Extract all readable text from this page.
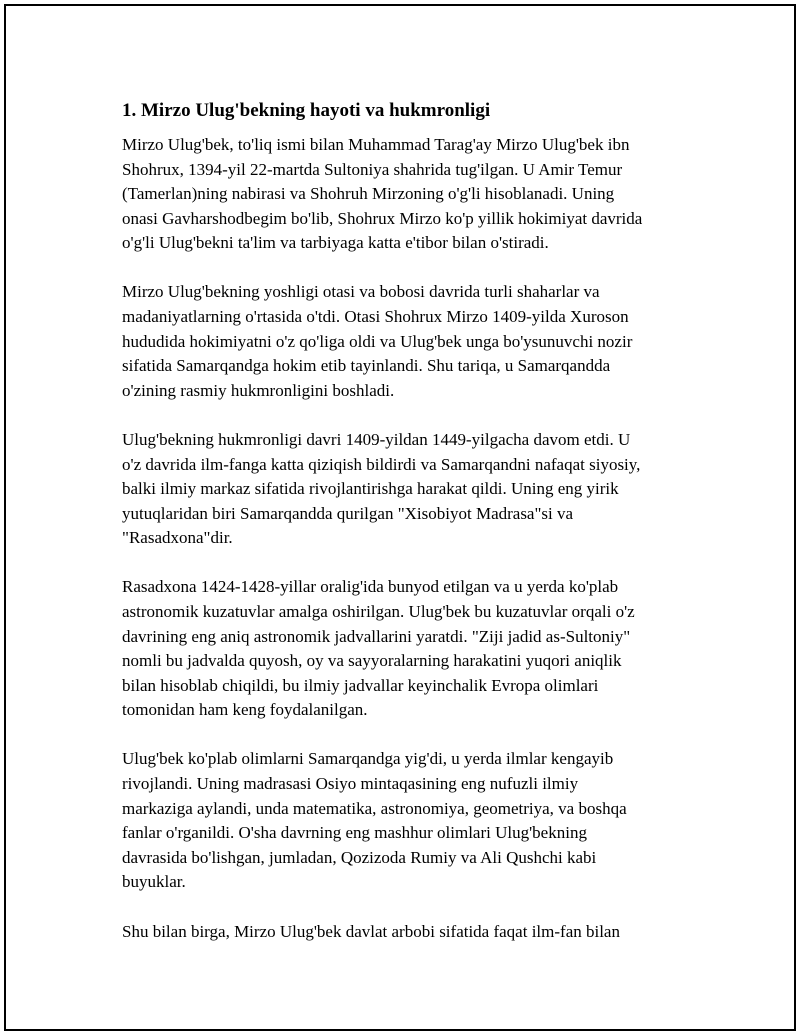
1. Mirzo Ulug'bekning hayoti va hukmronligi

Mirzo Ulug'bek, to'liq ismi bilan Muhammad Tarag'ay Mirzo Ulug'bek ibn
Shohrux, 1394-yil 22-martda Sultoniya shahrida tug'ilgan. U Amir Temur
(Tamerlan)ning nabirasi va Shohruh Mirzoning o'g'li hisoblanadi. Uning
onasi Gavharshodbegim bo'lib, Shohrux Mirzo ko'p yillik hokimiyat davrida
o'g'li Ulug'bekni ta'lim va tarbiyaga katta e'tibor bilan o'stiradi.

Mirzo Ulug'bekning yoshligi otasi va bobosi davrida turli shaharlar va
madaniyatlarning o'rtasida o'tdi. Otasi Shohrux Mirzo 1409-yilda Xuroson
hududida hokimiyatni o'z qo'liga oldi va Ulug'bek unga bo'ysunuvchi nozir
sifatida Samarqandga hokim etib tayinlandi. Shu tariqa, u Samarqandda
o'zining rasmiy hukmronligini boshladi.

Ulug'bekning hukmronligi davri 1409-yildan 1449-yilgacha davom etdi. U
o'z davrida ilm-fanga katta qiziqish bildirdi va Samarqandni nafaqat siyosiy,
balki ilmiy markaz sifatida rivojlantirishga harakat qildi. Uning eng yirik
yutuqlaridan biri Samarqandda qurilgan "Xisobiyot Madrasa"si va
"Rasadxona"dir.

Rasadxona 1424-1428-yillar oralig'ida bunyod etilgan va u yerda ko'plab
astronomik kuzatuvlar amalga oshirilgan. Ulug'bek bu kuzatuvlar orqali o'z
davrining eng aniq astronomik jadvallarini yaratdi. "Ziji jadid as-Sultoniy"
nomli bu jadvalda quyosh, oy va sayyoralarning harakatini yuqori aniqlik
bilan hisoblab chiqildi, bu ilmiy jadvallar keyinchalik Evropa olimlari
tomonidan ham keng foydalanilgan.

Ulug'bek ko'plab olimlarni Samarqandga yig'di, u yerda ilmlar kengayib
rivojlandi. Uning madrasasi Osiyo mintaqasining eng nufuzli ilmiy
markaziga aylandi, unda matematika, astronomiya, geometriya, va boshqa
fanlar o'rganildi. O'sha davrning eng mashhur olimlari Ulug'bekning
davrasida bo'lishgan, jumladan, Qozizoda Rumiy va Ali Qushchi kabi
buyuklar.

Shu bilan birga, Mirzo Ulug'bek davlat arbobi sifatida faqat ilm-fan bilan
